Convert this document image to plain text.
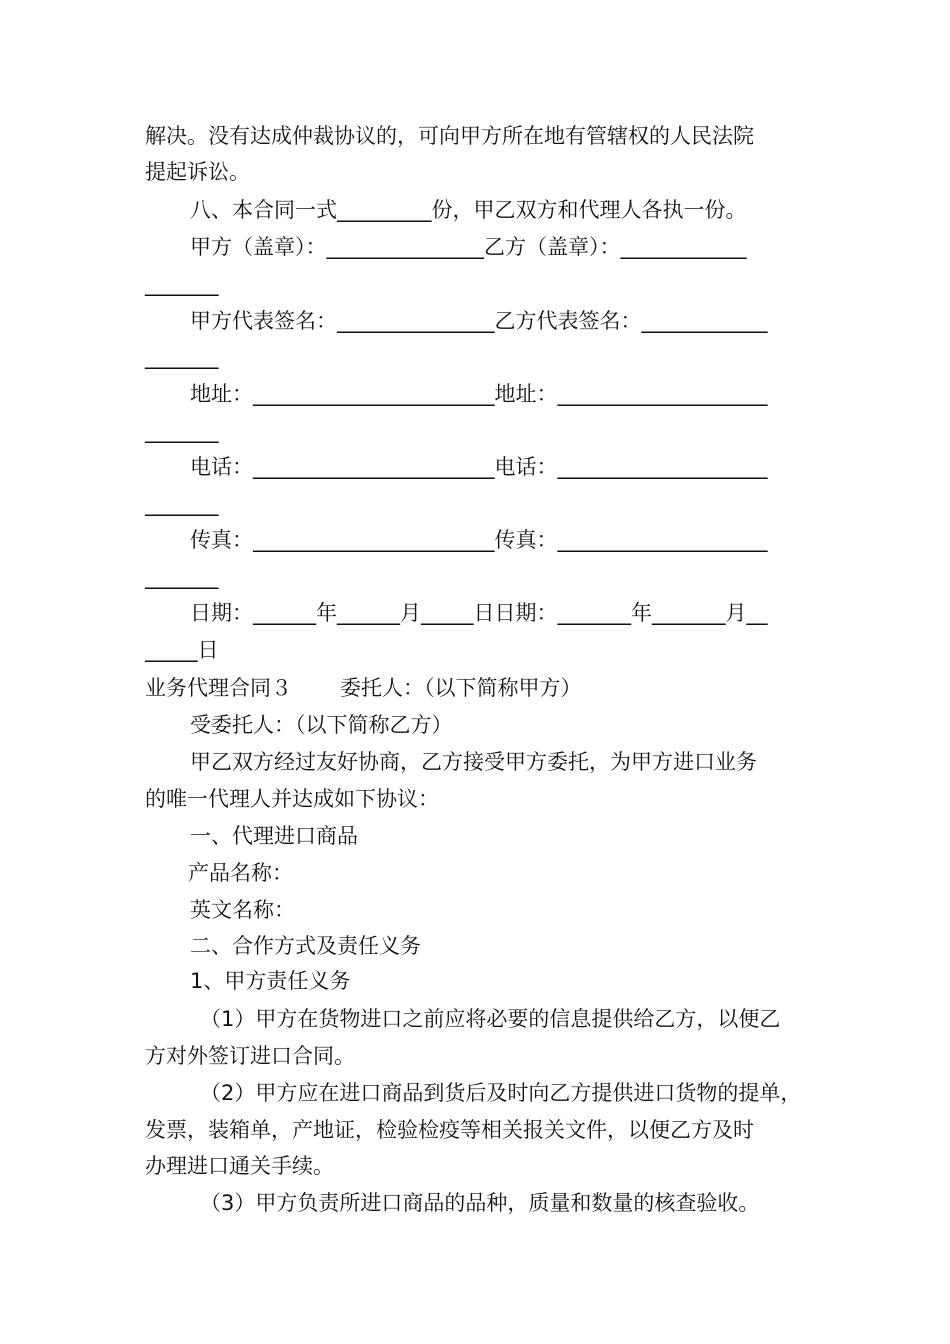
解决。没有达成仲裁协议的，可向甲方所在地有管辖权的人民法院
提起诉讼。
八、本合同一式_________份，甲乙双方和代理人各执一份。
甲方（盖章）：_______________乙方（盖章）：____________
_______
甲方代表签名：_______________乙方代表签名：____________
_______
地址：_______________________地址：____________________
_______
电话：_______________________电话：____________________
_______
传真：_______________________传真：____________________
_______
日期：______年______月_____日日期：_______年_______月__
_____日
业务代理合同３ 委托人：（以下简称甲方）
受委托人：（以下简称乙方）
甲乙双方经过友好协商，乙方接受甲方委托，为甲方进口业务
的唯一代理人并达成如下协议：
一、代理进口商品
产品名称：
英文名称：
二、合作方式及责任义务
1、甲方责任义务
（1）甲方在货物进口之前应将必要的信息提供给乙方，以便乙
方对外签订进口合同。
（2）甲方应在进口商品到货后及时向乙方提供进口货物的提单，
发票，装箱单，产地证，检验检疫等相关报关文件，以便乙方及时
办理进口通关手续。
（3）甲方负责所进口商品的品种，质量和数量的核查验收。
